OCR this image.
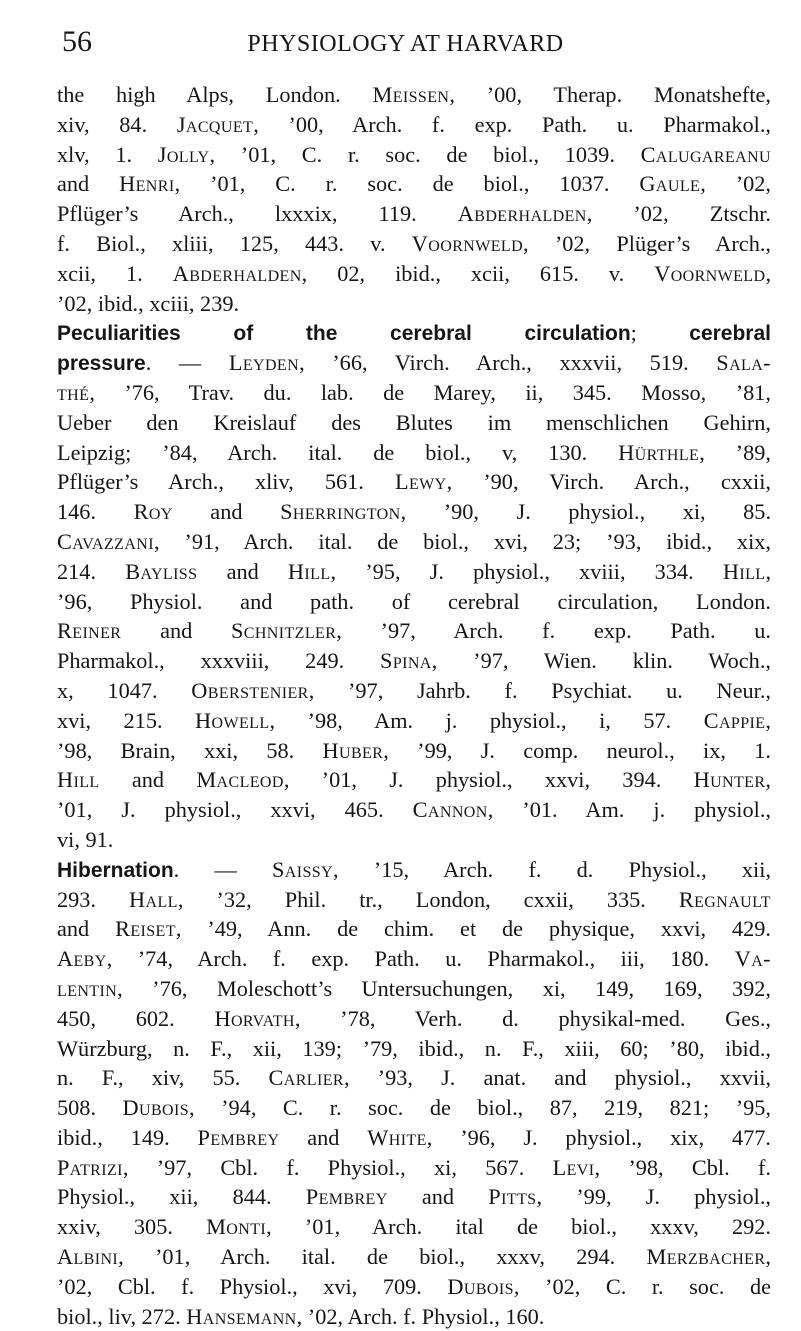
56	PHYSIOLOGY AT HARVARD
the high Alps, London. Meissen, ’00, Therap. Monatshefte,
xiv, 84. Jacquet, ’00, Arch. f. exp. Path. u. Pharmakol.,
xlv, 1. Jolly, ’01, C. r. soc. de biol., 1039. Calugareanu
and Henri, ’01, C. r. soc. de biol., 1037. Gaule, ’02,
Pflüger’s Arch., lxxxix, 119. Abderhalden, ’02, Ztschr.
f. Biol., xliii, 125, 443. v. Voornweld, ’02, Plüger’s Arch.,
xcii, 1. Abderhalden, 02, ibid., xcii, 615. v. Voornweld,
’02, ibid., xciii, 239.
Peculiarities of the cerebral circulation; cerebral
pressure. — Leyden, ’66, Virch. Arch., xxxvii, 519. Sala-
thé, ’76, Trav. du. lab. de Marey, ii, 345. Mosso, ’81,
Ueber den Kreislauf des Blutes im menschlichen Gehirn,
Leipzig; ’84, Arch. ital. de biol., v, 130. Hürthle, ’89,
Pflüger’s Arch., xliv, 561. Lewy, ’90, Virch. Arch., cxxii,
146. Roy and Sherrington, ’90, J. physiol., xi, 85.
Cavazzani, ’91, Arch. ital. de biol., xvi, 23; ’93, ibid., xix,
214. Bayliss and Hill, ’95, J. physiol., xviii, 334. Hill,
’96, Physiol. and path. of cerebral circulation, London.
Reiner and Schnitzler, ’97, Arch. f. exp. Path. u.
Pharmakol., xxxviii, 249. Spina, ’97, Wien. klin. Woch.,
x, 1047. Oberstenier, ’97, Jahrb. f. Psychiat. u. Neur.,
xvi, 215. Howell, ’98, Am. j. physiol., i, 57. Cappie,
’98, Brain, xxi, 58. Huber, ’99, J. comp. neurol., ix, 1.
Hill and Macleod, ’01, J. physiol., xxvi, 394. Hunter,
’01, J. physiol., xxvi, 465. Cannon, ’01. Am. j. physiol.,
vi, 91.
Hibernation. — Saissy, ’15, Arch. f. d. Physiol., xii,
293. Hall, ’32, Phil. tr., London, cxxii, 335. Regnault
and Reiset, ’49, Ann. de chim. et de physique, xxvi, 429.
Aeby, ’74, Arch. f. exp. Path. u. Pharmakol., iii, 180. Va-
lentin, ’76, Moleschott’s Untersuchungen, xi, 149, 169, 392,
450, 602. Horvath, ’78, Verh. d. physikal-med. Ges.,
Würzburg, n. F., xii, 139; ’79, ibid., n. F., xiii, 60; ’80, ibid.,
n. F., xiv, 55. Carlier, ’93, J. anat. and physiol., xxvii,
508. Dubois, ’94, C. r. soc. de biol., 87, 219, 821; ’95,
ibid., 149. Pembrey and White, ’96, J. physiol., xix, 477.
Patrizi, ’97, Cbl. f. Physiol., xi, 567. Levi, ’98, Cbl. f.
Physiol., xii, 844. Pembrey and Pitts, ’99, J. physiol.,
xxiv, 305. Monti, ’01, Arch. ital de biol., xxxv, 292.
Albini, ’01, Arch. ital. de biol., xxxv, 294. Merzbacher,
’02, Cbl. f. Physiol., xvi, 709. Dubois, ’02, C. r. soc. de
biol., liv, 272. Hansemann, ’02, Arch. f. Physiol., 160.
